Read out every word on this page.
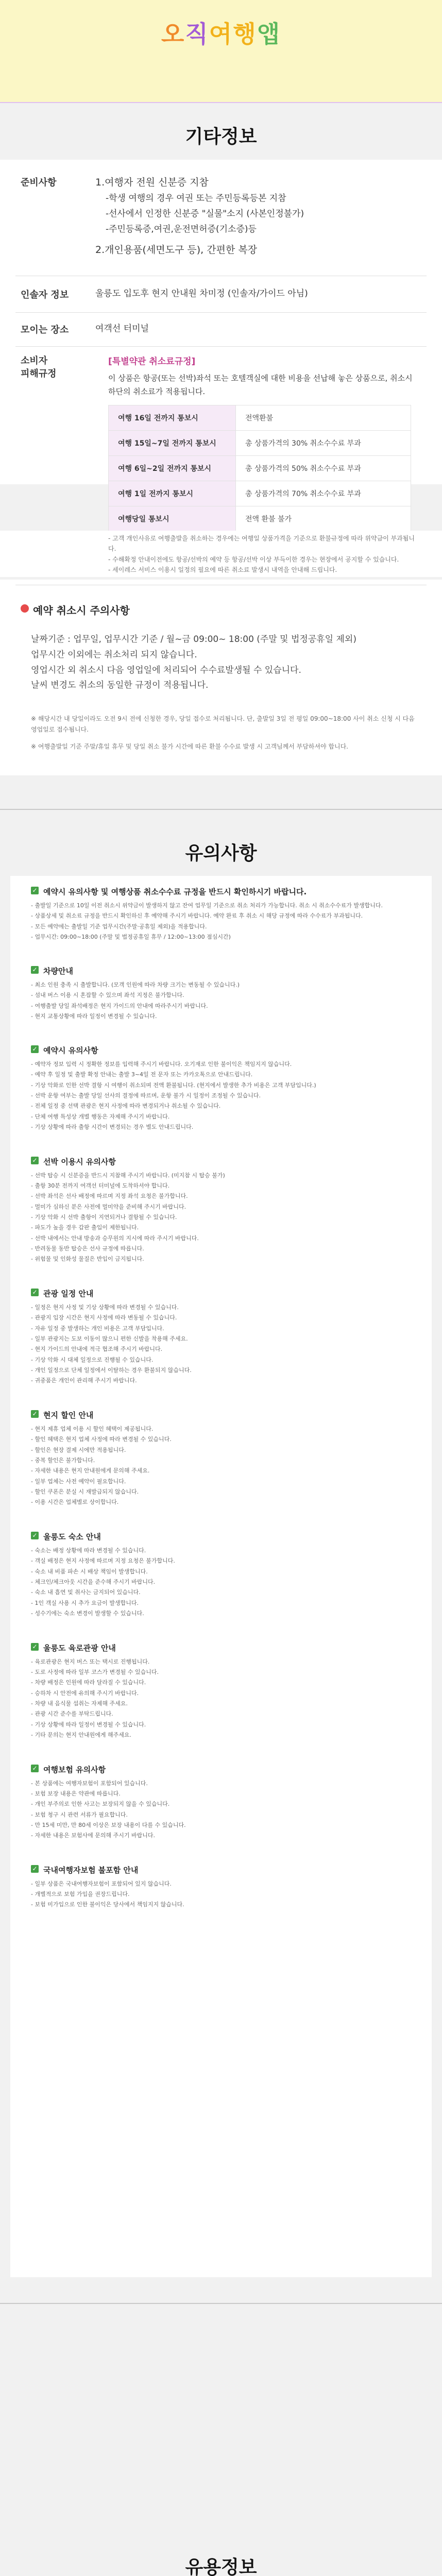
오직여행앱
기타정보
준비사항	1.여행자 전원 신분증 지참
-학생 여행의 경우 여권 또는 주민등록등본 지참
-선사에서 인정한 신분증 "실물"소지 (사본인정불가)
-주민등록증,여권,운전면허증(기소증)등
2.개인용품(세면도구 등), 간편한 복장
인솔자 정보	울릉도 입도후 현지 안내원 차미정 (인솔자/가이드 아님)
모이는 장소	여객선 터미널
소비자
피해규정
[특별약관 취소료규정]
이 상품은 항공(또는 선박)좌석 또는 호텔객실에 대한 비용을 선납해 놓은 상품으로, 취소시 하단의 취소료가 적용됩니다.
여행 16일 전까지 통보시	전액환불
여행 15일~7일 전까지 통보시	총 상품가격의 30% 취소수수료 부과
여행 6일~2일 전까지 통보시	총 상품가격의 50% 취소수수료 부과
여행 1일 전까지 통보시	총 상품가격의 70% 취소수수료 부과
여행당일 통보시	전액 환불 불가
- 고객 개인사유로 여행출발을 취소하는 경우에는 여행일 상품가격을 기준으로 환불규정에 따라 위약금이 부과됩니다.
- 수해확정 안내이전에도 항공/선박의 예약 등 항공/선박 이상 부득이한 경우는 현장에서 공지할 수 있습니다.
- 세이레스 서비스 이용시 일정의 필요에 따른 취소료 발생시 내역을 안내해 드립니다.
예약 취소시 주의사항
날짜기준 : 업무일, 업무시간 기준 / 월~금 09:00~ 18:00 (주말 및 법정공휴일 제외)
업무시간 이외에는 취소처리 되지 않습니다.
영업시간 외 취소시 다음 영업일에 처리되어 수수료발생될 수 있습니다.
날씨 변경도 취소의 동일한 규정이 적용됩니다.
※ 해당시간 내 당일이라도 오전 9시 전에 신청한 경우, 당일 접수로 처리됩니다. 단, 출발일 3일 전 평일 09:00~18:00 사이 취소 신청 시 다음 영업일로 접수됩니다.
※ 여행출발일 기준 주말/휴일 휴무 및 당일 취소 불가 시간에 따른 환불 수수료 발생 시 고객님께서 부담하셔야 합니다.
유의사항
✓ 예약시 유의사항 및 여행상품 취소수수료 규정을 반드시 확인하시기 바랍니다.
- 출발일 기준으로 10일 이전 취소시 위약금이 발생하지 않고 잔여 업무일 기준으로 취소 처리가 가능합니다. 취소 시 취소수수료가 발생합니다.
- 상품상세 및 취소료 규정을 반드시 확인하신 후 예약해 주시기 바랍니다. 예약 완료 후 취소 시 해당 규정에 따라 수수료가 부과됩니다.
- 모든 예약에는 출발일 기준 업무시간(주말·공휴일 제외)을 적용합니다.
- 업무시간: 09:00~18:00 (주말 및 법정공휴일 휴무 / 12:00~13:00 점심시간)
✓ 차량안내
- 최소 인원 충족 시 출발합니다. (모객 인원에 따라 차량 크기는 변동될 수 있습니다.)
- 섬내 버스 이용 시 혼잡할 수 있으며 좌석 지정은 불가합니다.
- 여행출발 당일 좌석배정은 현지 가이드의 안내에 따라주시기 바랍니다.
- 현지 교통상황에 따라 일정이 변경될 수 있습니다.
✓ 예약시 유의사항
- 예약자 정보 입력 시 정확한 정보를 입력해 주시기 바랍니다. 오기재로 인한 불이익은 책임지지 않습니다.
- 예약 후 일정 및 출발 확정 안내는 출발 3~4일 전 문자 또는 카카오톡으로 안내드립니다.
- 기상 악화로 인한 선박 결항 시 여행이 취소되며 전액 환불됩니다. (현지에서 발생한 추가 비용은 고객 부담입니다.)
- 선박 운항 여부는 출발 당일 선사의 결정에 따르며, 운항 불가 시 일정이 조정될 수 있습니다.
- 전체 일정 중 선택 관광은 현지 사정에 따라 변경되거나 취소될 수 있습니다.
- 단체 여행 특성상 개별 행동은 자제해 주시기 바랍니다.
- 기상 상황에 따라 출항 시간이 변경되는 경우 별도 안내드립니다.
✓ 선박 이용시 유의사항
- 선박 탑승 시 신분증을 반드시 지참해 주시기 바랍니다. (미지참 시 탑승 불가)
- 출항 30분 전까지 여객선 터미널에 도착하셔야 합니다.
- 선박 좌석은 선사 배정에 따르며 지정 좌석 요청은 불가합니다.
- 멀미가 심하신 분은 사전에 멀미약을 준비해 주시기 바랍니다.
- 기상 악화 시 선박 출항이 지연되거나 결항될 수 있습니다.
- 파도가 높을 경우 갑판 출입이 제한됩니다.
- 선박 내에서는 안내 방송과 승무원의 지시에 따라 주시기 바랍니다.
- 반려동물 동반 탑승은 선사 규정에 따릅니다.
- 위험물 및 인화성 물질은 반입이 금지됩니다.
✓ 관광 일정 안내
- 일정은 현지 사정 및 기상 상황에 따라 변경될 수 있습니다.
- 관광지 입장 시간은 현지 사정에 따라 변동될 수 있습니다.
- 자유 일정 중 발생하는 개인 비용은 고객 부담입니다.
- 일부 관광지는 도보 이동이 많으니 편한 신발을 착용해 주세요.
- 현지 가이드의 안내에 적극 협조해 주시기 바랍니다.
- 기상 악화 시 대체 일정으로 진행될 수 있습니다.
- 개인 일정으로 단체 일정에서 이탈하는 경우 환불되지 않습니다.
- 귀중품은 개인이 관리해 주시기 바랍니다.
✓ 현지 할인 안내
- 현지 제휴 업체 이용 시 할인 혜택이 제공됩니다.
- 할인 혜택은 현지 업체 사정에 따라 변경될 수 있습니다.
- 할인은 현장 결제 시에만 적용됩니다.
- 중복 할인은 불가합니다.
- 자세한 내용은 현지 안내원에게 문의해 주세요.
- 일부 업체는 사전 예약이 필요합니다.
- 할인 쿠폰은 분실 시 재발급되지 않습니다.
- 이용 시간은 업체별로 상이합니다.
✓ 울릉도 숙소 안내
- 숙소는 배정 상황에 따라 변경될 수 있습니다.
- 객실 배정은 현지 사정에 따르며 지정 요청은 불가합니다.
- 숙소 내 비품 파손 시 배상 책임이 발생합니다.
- 체크인/체크아웃 시간을 준수해 주시기 바랍니다.
- 숙소 내 흡연 및 취사는 금지되어 있습니다.
- 1인 객실 사용 시 추가 요금이 발생합니다.
- 성수기에는 숙소 변경이 발생할 수 있습니다.
✓ 울릉도 육로관광 안내
- 육로관광은 현지 버스 또는 택시로 진행됩니다.
- 도로 사정에 따라 일부 코스가 변경될 수 있습니다.
- 차량 배정은 인원에 따라 달라질 수 있습니다.
- 승하차 시 안전에 유의해 주시기 바랍니다.
- 차량 내 음식물 섭취는 자제해 주세요.
- 관광 시간 준수를 부탁드립니다.
- 기상 상황에 따라 일정이 변경될 수 있습니다.
- 기타 문의는 현지 안내원에게 해주세요.
✓ 여행보험 유의사항
- 본 상품에는 여행자보험이 포함되어 있습니다.
- 보험 보장 내용은 약관에 따릅니다.
- 개인 부주의로 인한 사고는 보장되지 않을 수 있습니다.
- 보험 청구 시 관련 서류가 필요합니다.
- 만 15세 미만, 만 80세 이상은 보장 내용이 다를 수 있습니다.
- 자세한 내용은 보험사에 문의해 주시기 바랍니다.
✓ 국내여행자보험 불포함 안내
- 일부 상품은 국내여행자보험이 포함되어 있지 않습니다.
- 개별적으로 보험 가입을 권장드립니다.
- 보험 미가입으로 인한 불이익은 당사에서 책임지지 않습니다.
유용정보
